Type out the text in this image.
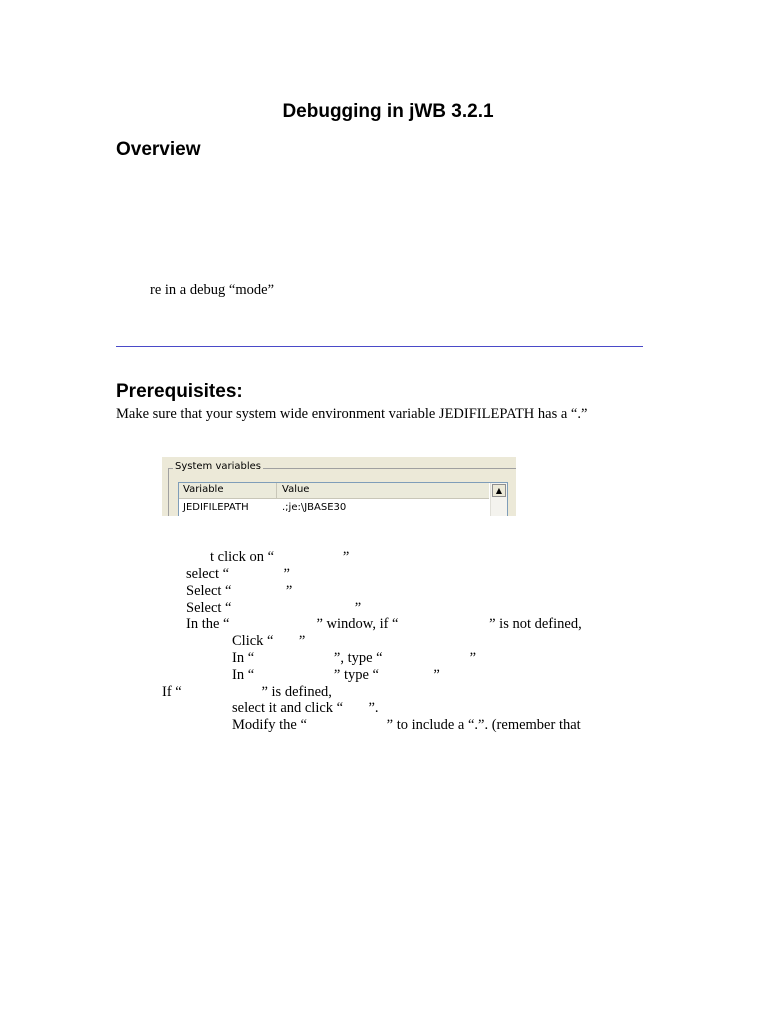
Debugging in jWB 3.2.1
Overview
re in a debug “mode”
Prerequisites:
Make sure that your system wide environment variable JEDIFILEPATH has a “.”
System variables
Variable	Value
JEDIFILEPATH	.;je:\JBASE30
▲
t click on “                   ”
select “               ”
Select “               ”
Select “                                  ”
In the “                        ” window, if “                         ” is not defined,
Click “       ”
In “                      ”, type “                        ”
In “                      ” type “               ”
If “                      ” is defined,
select it and click “       ”.
Modify the “                      ” to include a “.”. (remember that
